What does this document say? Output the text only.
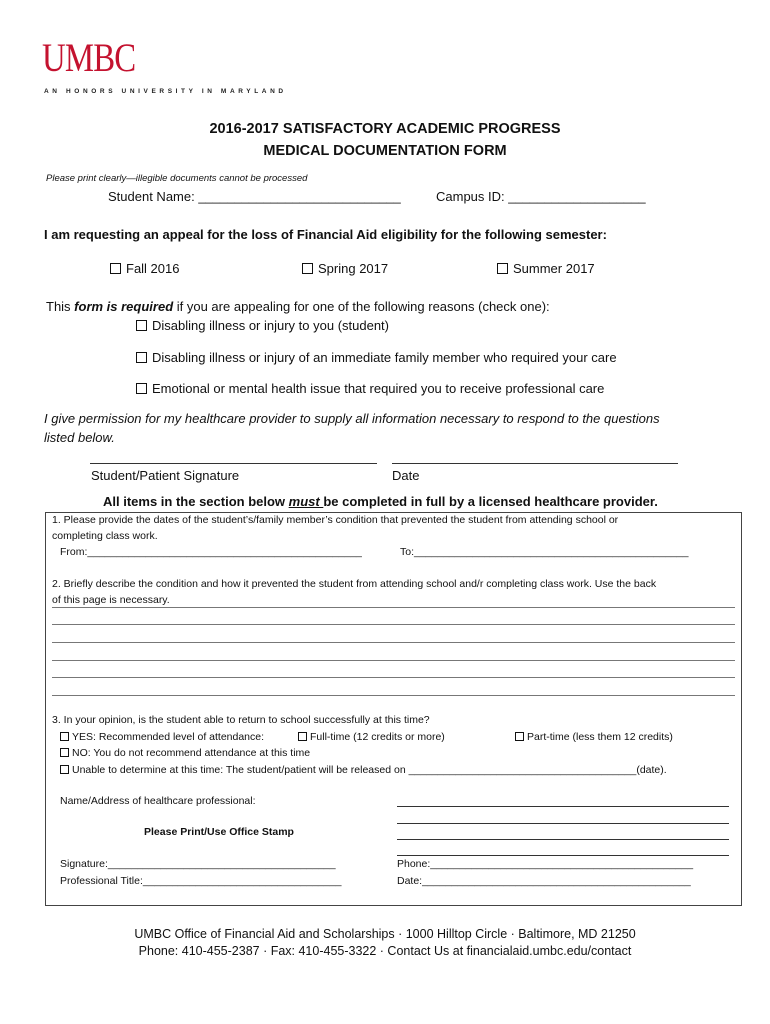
UMBC
AN HONORS UNIVERSITY IN MARYLAND
2016-2017 SATISFACTORY ACADEMIC PROGRESS
MEDICAL DOCUMENTATION FORM
Please print clearly—illegible documents cannot be processed
Student Name: ____________________________	Campus ID: ___________________
I am requesting an appeal for the loss of Financial Aid eligibility for the following semester:
Fall 2016	Spring 2017	Summer 2017
This form is required if you are appealing for one of the following reasons (check one):
Disabling illness or injury to you (student)
Disabling illness or injury of an immediate family member who required your care
Emotional or mental health issue that required you to receive professional care
I give permission for my healthcare provider to supply all information necessary to respond to the questions
listed below.
Student/Patient Signature	Date
All items in the section below must be completed in full by a licensed healthcare provider.
1. Please provide the dates of the student’s/family member’s condition that prevented the student from attending school or
completing class work.
From:_______________________________________________	To:_______________________________________________
2. Briefly describe the condition and how it prevented the student from attending school and/r completing class work. Use the back
of this page is necessary.
3. In your opinion, is the student able to return to school successfully at this time?
YES: Recommended level of attendance:	Full-time (12 credits or more)	Part-time (less them 12 credits)
NO: You do not recommend attendance at this time
Unable to determine at this time: The student/patient will be released on _______________________________________(date).
Name/Address of healthcare professional:
Please Print/Use Office Stamp
Signature:_______________________________________	Phone:_____________________________________________
Professional Title:__________________________________	Date:______________________________________________
UMBC Office of Financial Aid and Scholarships · 1000 Hilltop Circle · Baltimore, MD 21250
Phone: 410-455-2387 · Fax: 410-455-3322 · Contact Us at financialaid.umbc.edu/contact
